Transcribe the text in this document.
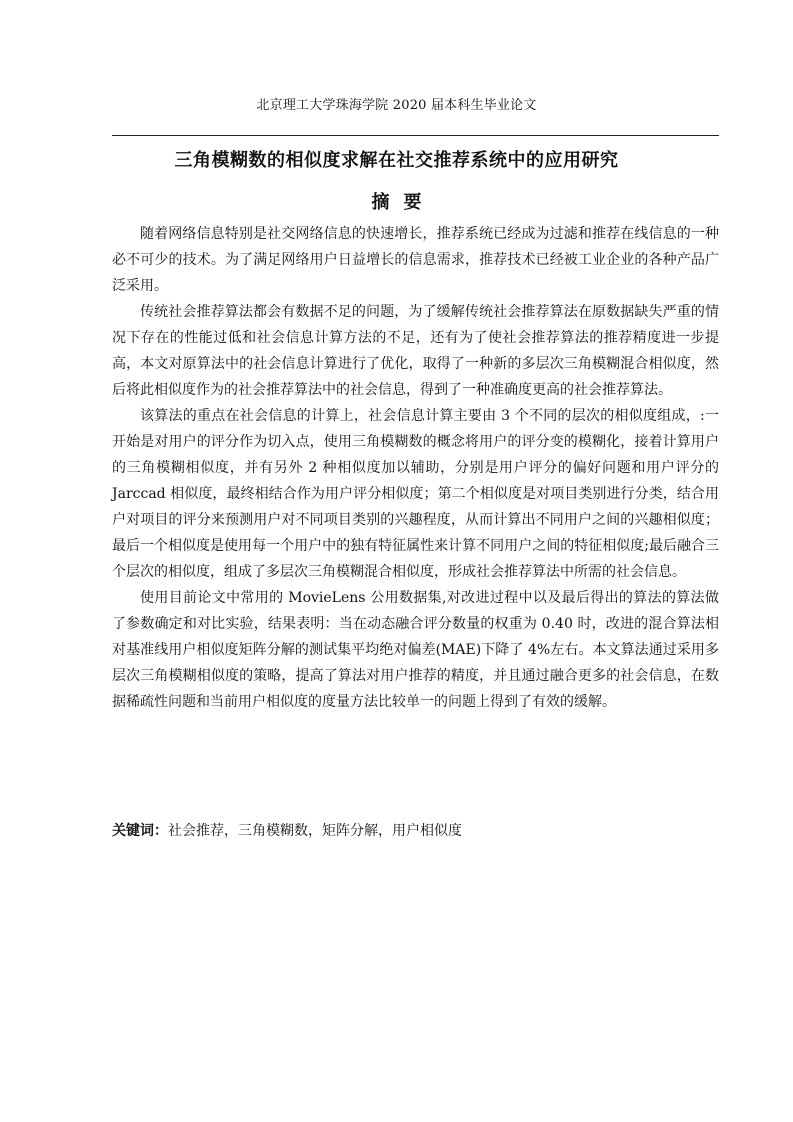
北京理工大学珠海学院 2020 届本科生毕业论文
三角模糊数的相似度求解在社交推荐系统中的应用研究
摘要

随着网络信息特别是社交网络信息的快速增长，推荐系统已经成为过滤和推荐在线信息的一种必不可少的技术。为了满足网络用户日益增长的信息需求，推荐技术已经被工业企业的各种产品广泛采用。

传统社会推荐算法都会有数据不足的问题，为了缓解传统社会推荐算法在原数据缺失严重的情况下存在的性能过低和社会信息计算方法的不足，还有为了使社会推荐算法的推荐精度进一步提高，本文对原算法中的社会信息计算进行了优化，取得了一种新的多层次三角模糊混合相似度，然后将此相似度作为的社会推荐算法中的社会信息，得到了一种准确度更高的社会推荐算法。

该算法的重点在社会信息的计算上，社会信息计算主要由 3 个不同的层次的相似度组成，:一开始是对用户的评分作为切入点，使用三角模糊数的概念将用户的评分变的模糊化，接着计算用户的三角模糊相似度，并有另外 2 种相似度加以辅助，分别是用户评分的偏好问题和用户评分的 Jarccad 相似度，最终相结合作为用户评分相似度；第二个相似度是对项目类别进行分类，结合用户对项目的评分来预测用户对不同项目类别的兴趣程度，从而计算出不同用户之间的兴趣相似度；最后一个相似度是使用每一个用户中的独有特征属性来计算不同用户之间的特征相似度;最后融合三个层次的相似度，组成了多层次三角模糊混合相似度，形成社会推荐算法中所需的社会信息。

使用目前论文中常用的 MovieLens 公用数据集,对改进过程中以及最后得出的算法的算法做了参数确定和对比实验，结果表明：当在动态融合评分数量的权重为 0.40 时，改进的混合算法相对基准线用户相似度矩阵分解的测试集平均绝对偏差(MAE)下降了 4%左右。本文算法通过采用多层次三角模糊相似度的策略，提高了算法对用户推荐的精度，并且通过融合更多的社会信息，在数据稀疏性问题和当前用户相似度的度量方法比较单一的问题上得到了有效的缓解。

关键词：社会推荐，三角模糊数，矩阵分解，用户相似度
